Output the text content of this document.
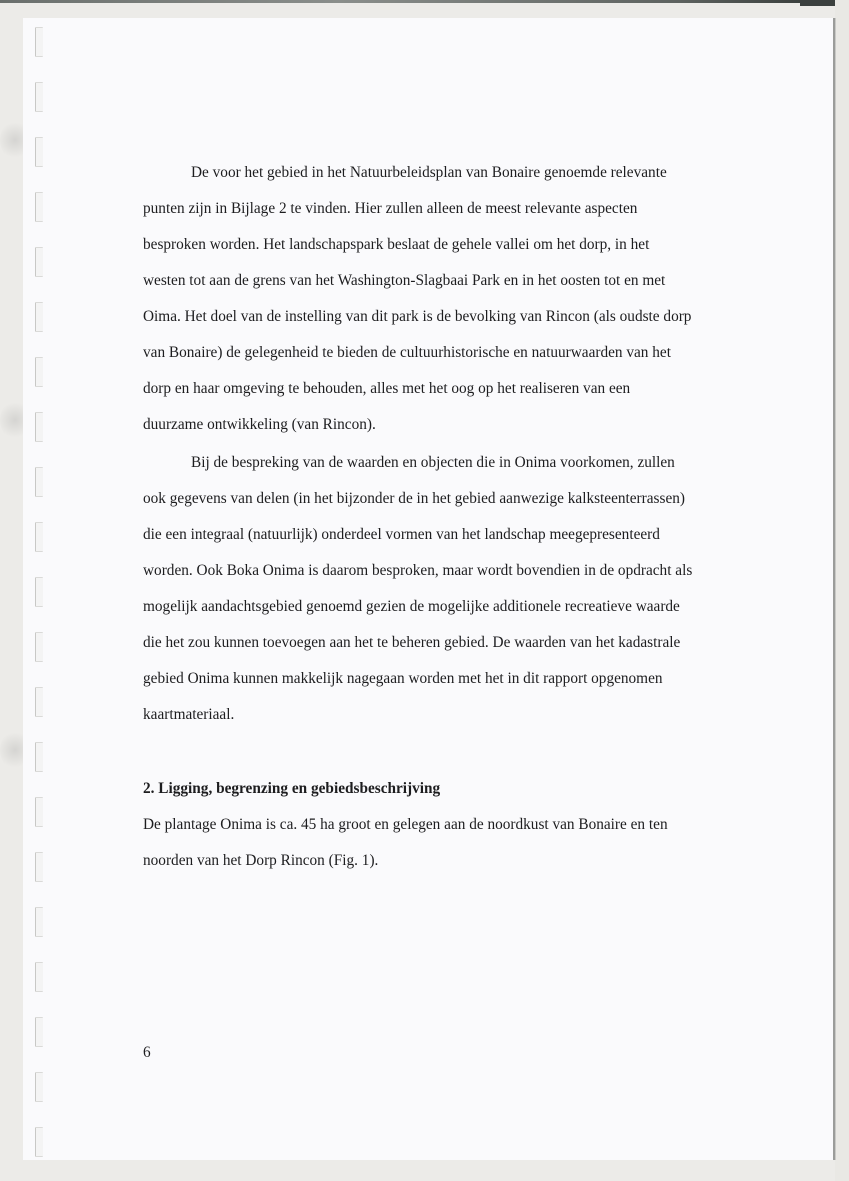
De voor het gebied in het Natuurbeleidsplan van Bonaire genoemde relevante
punten zijn in Bijlage 2 te vinden. Hier zullen alleen de meest relevante aspecten
besproken worden. Het landschapspark beslaat de gehele vallei om het dorp, in het
westen tot aan de grens van het Washington-Slagbaai Park en in het oosten tot en met
Oima. Het doel van de instelling van dit park is de bevolking van Rincon (als oudste dorp
van Bonaire) de gelegenheid te bieden de cultuurhistorische en natuurwaarden van het
dorp en haar omgeving te behouden, alles met het oog op het realiseren van een
duurzame ontwikkeling (van Rincon).
Bij de bespreking van de waarden en objecten die in Onima voorkomen, zullen
ook gegevens van delen (in het bijzonder de in het gebied aanwezige kalksteenterrassen)
die een integraal (natuurlijk) onderdeel vormen van het landschap meegepresenteerd
worden. Ook Boka Onima is daarom besproken, maar wordt bovendien in de opdracht als
mogelijk aandachtsgebied genoemd gezien de mogelijke additionele recreatieve waarde
die het zou kunnen toevoegen aan het te beheren gebied. De waarden van het kadastrale
gebied Onima kunnen makkelijk nagegaan worden met het in dit rapport opgenomen
kaartmateriaal.
2. Ligging, begrenzing en gebiedsbeschrijving
De plantage Onima is ca. 45 ha groot en gelegen aan de noordkust van Bonaire en ten
noorden van het Dorp Rincon (Fig. 1).
6
